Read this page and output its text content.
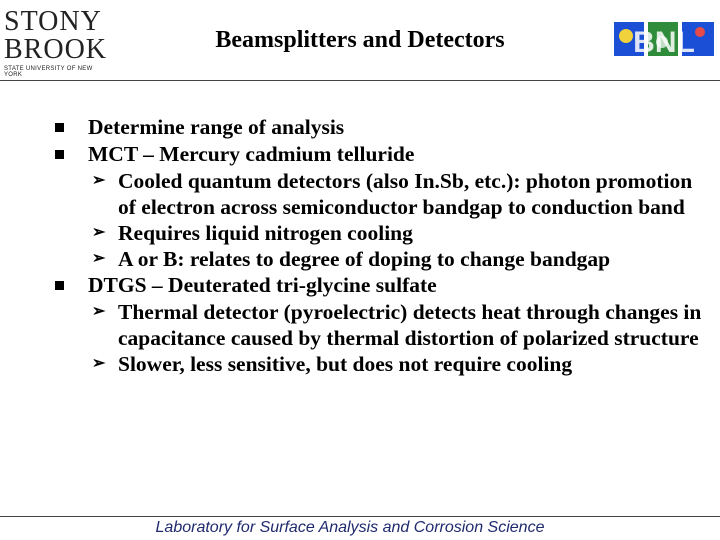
STONY
BROOK
STATE UNIVERSITY OF NEW YORK
Beamsplitters and Detectors	BNL
Determine range of analysis
MCT – Mercury cadmium telluride
➢ Cooled quantum detectors (also In.Sb, etc.): photon promotion of electron across semiconductor bandgap to conduction band
➢ Requires liquid nitrogen cooling
➢ A or B: relates to degree of doping to change bandgap
DTGS – Deuterated tri-glycine sulfate
➢ Thermal detector (pyroelectric) detects heat through changes in capacitance caused by thermal distortion of polarized structure
➢ Slower, less sensitive, but does not require cooling
Laboratory for Surface Analysis and Corrosion Science
